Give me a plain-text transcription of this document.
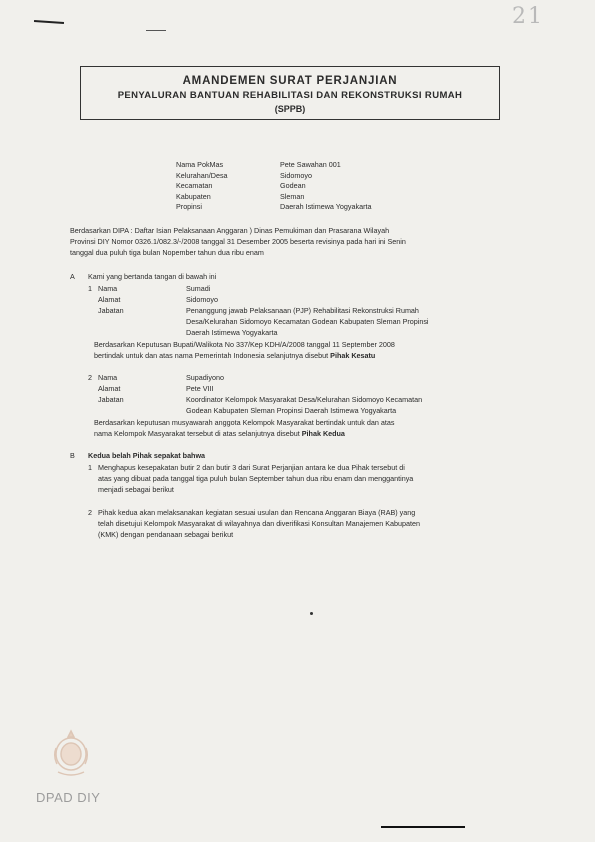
21
AMANDEMEN SURAT PERJANJIAN
PENYALURAN BANTUAN REHABILITASI DAN REKONSTRUKSI RUMAH
(SPPB)
Nama PokMas	Pete Sawahan 001
Kelurahan/Desa	Sidomoyo
Kecamatan	Godean
Kabupaten	Sleman
Propinsi	Daerah Istimewa Yogyakarta
Berdasarkan DIPA : Daftar Isian Pelaksanaan Anggaran ) Dinas Pemukiman dan Prasarana Wilayah
Provinsi DIY Nomor 0326.1/082.3/-/2008 tanggal 31 Desember 2005 beserta revisinya pada hari ini Senin
tanggal dua puluh tiga bulan Nopember tahun dua ribu enam
A Kami yang bertanda tangan di bawah ini
1 Nama	Sumadi
Alamat	Sidomoyo
Jabatan	Penanggung jawab Pelaksanaan (PJP) Rehabilitasi Rekonstruksi Rumah
Desa/Kelurahan Sidomoyo Kecamatan Godean Kabupaten Sleman Propinsi
Daerah Istimewa Yogyakarta
Berdasarkan Keputusan Bupati/Walikota No 337/Kep KDH/A/2008 tanggal 11 September 2008
bertindak untuk dan atas nama Pemerintah Indonesia selanjutnya disebut Pihak Kesatu
2 Nama	Supadiyono
Alamat	Pete VIII
Jabatan	Koordinator Kelompok Masyarakat Desa/Kelurahan Sidomoyo Kecamatan
Godean Kabupaten Sleman Propinsi Daerah Istimewa Yogyakarta
Berdasarkan keputusan musyawarah anggota Kelompok Masyarakat bertindak untuk dan atas
nama Kelompok Masyarakat tersebut di atas selanjutnya disebut Pihak Kedua
B Kedua belah Pihak sepakat bahwa
1 Menghapus kesepakatan butir 2 dan butir 3 dari Surat Perjanjian antara ke dua Pihak tersebut di
atas yang dibuat pada tanggal tiga puluh bulan September tahun dua ribu enam dan menggantinya
menjadi sebagai berikut
2 Pihak kedua akan melaksanakan kegiatan sesuai usulan dan Rencana Anggaran Biaya (RAB) yang
telah disetujui Kelompok Masyarakat di wilayahnya dan diverifikasi Konsultan Manajemen Kabupaten
(KMK) dengan pendanaan sebagai berikut
DPAD DIY
